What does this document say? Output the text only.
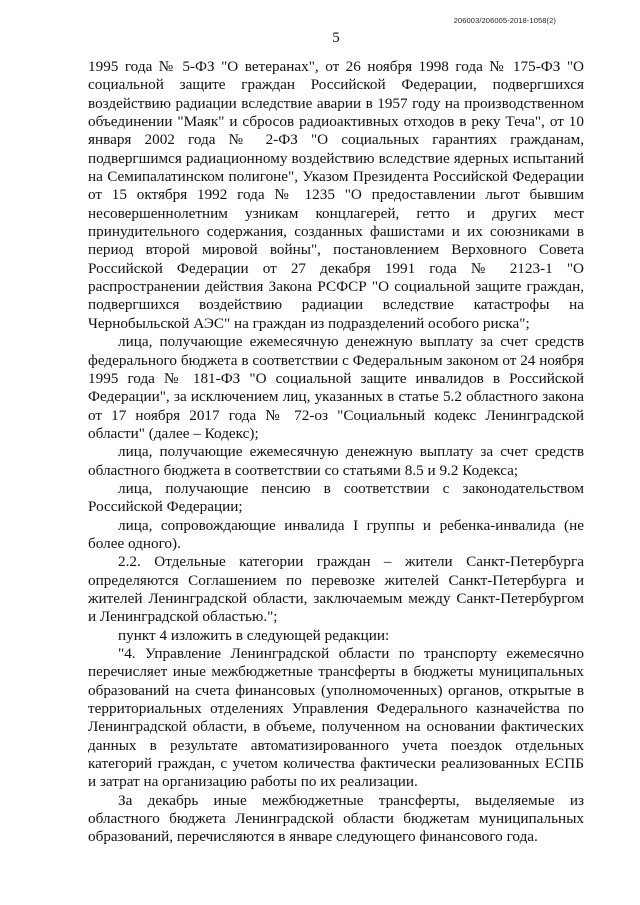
206003/206005-2018-1058(2)
5

1995 года № 5-ФЗ "О ветеранах", от 26 ноября 1998 года № 175-ФЗ "О социальной защите граждан Российской Федерации, подвергшихся воздействию радиации вследствие аварии в 1957 году на производственном объединении "Маяк" и сбросов радиоактивных отходов в реку Теча", от 10 января 2002 года № 2-ФЗ "О социальных гарантиях гражданам, подвергшимся радиационному воздействию вследствие ядерных испытаний на Семипалатинском полигоне", Указом Президента Российской Федерации от 15 октября 1992 года № 1235 "О предоставлении льгот бывшим несовершеннолетним узникам концлагерей, гетто и других мест принудительного содержания, созданных фашистами и их союзниками в период второй мировой войны", постановлением Верховного Совета Российской Федерации от 27 декабря 1991 года № 2123-1 "О распространении действия Закона РСФСР "О социальной защите граждан, подвергшихся воздействию радиации вследствие катастрофы на Чернобыльской АЭС" на граждан из подразделений особого риска";

лица, получающие ежемесячную денежную выплату за счет средств федерального бюджета в соответствии с Федеральным законом от 24 ноября 1995 года № 181-ФЗ "О социальной защите инвалидов в Российской Федерации", за исключением лиц, указанных в статье 5.2 областного закона от 17 ноября 2017 года № 72-оз "Социальный кодекс Ленинградской области" (далее – Кодекс);

лица, получающие ежемесячную денежную выплату за счет средств областного бюджета в соответствии со статьями 8.5 и 9.2 Кодекса;

лица, получающие пенсию в соответствии с законодательством Российской Федерации;

лица, сопровождающие инвалида I группы и ребенка-инвалида (не более одного).

2.2. Отдельные категории граждан – жители Санкт-Петербурга определяются Соглашением по перевозке жителей Санкт-Петербурга и жителей Ленинградской области, заключаемым между Санкт-Петербургом и Ленинградской областью.";

пункт 4 изложить в следующей редакции:

"4. Управление Ленинградской области по транспорту ежемесячно перечисляет иные межбюджетные трансферты в бюджеты муниципальных образований на счета финансовых (уполномоченных) органов, открытые в территориальных отделениях Управления Федерального казначейства по Ленинградской области, в объеме, полученном на основании фактических данных в результате автоматизированного учета поездок отдельных категорий граждан, с учетом количества фактически реализованных ЕСПБ и затрат на организацию работы по их реализации.

За декабрь иные межбюджетные трансферты, выделяемые из областного бюджета Ленинградской области бюджетам муниципальных образований, перечисляются в январе следующего финансового года.
